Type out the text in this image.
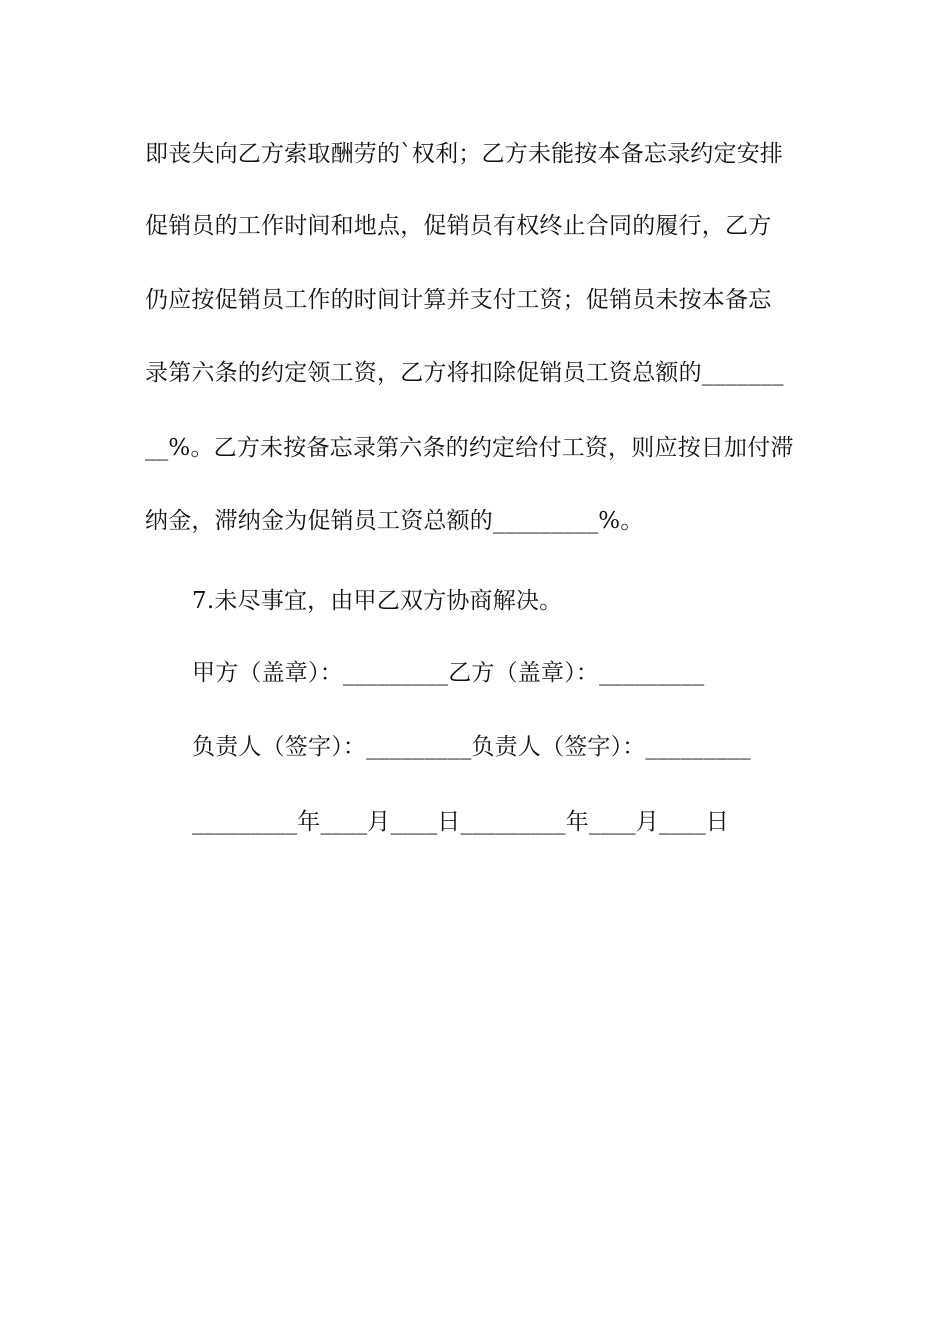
即丧失向乙方索取酬劳的`权利；乙方未能按本备忘录约定安排
促销员的工作时间和地点，促销员有权终止合同的履行，乙方
仍应按促销员工作的时间计算并支付工资；促销员未按本备忘
录第六条的约定领工资，乙方将扣除促销员工资总额的_______
__%。乙方未按备忘录第六条的约定给付工资，则应按日加付滞
纳金，滞纳金为促销员工资总额的_________%。
7.未尽事宜，由甲乙双方协商解决。
甲方（盖章）：_________乙方（盖章）：_________
负责人（签字）：_________负责人（签字）：_________
_________年____月____日_________年____月____日
